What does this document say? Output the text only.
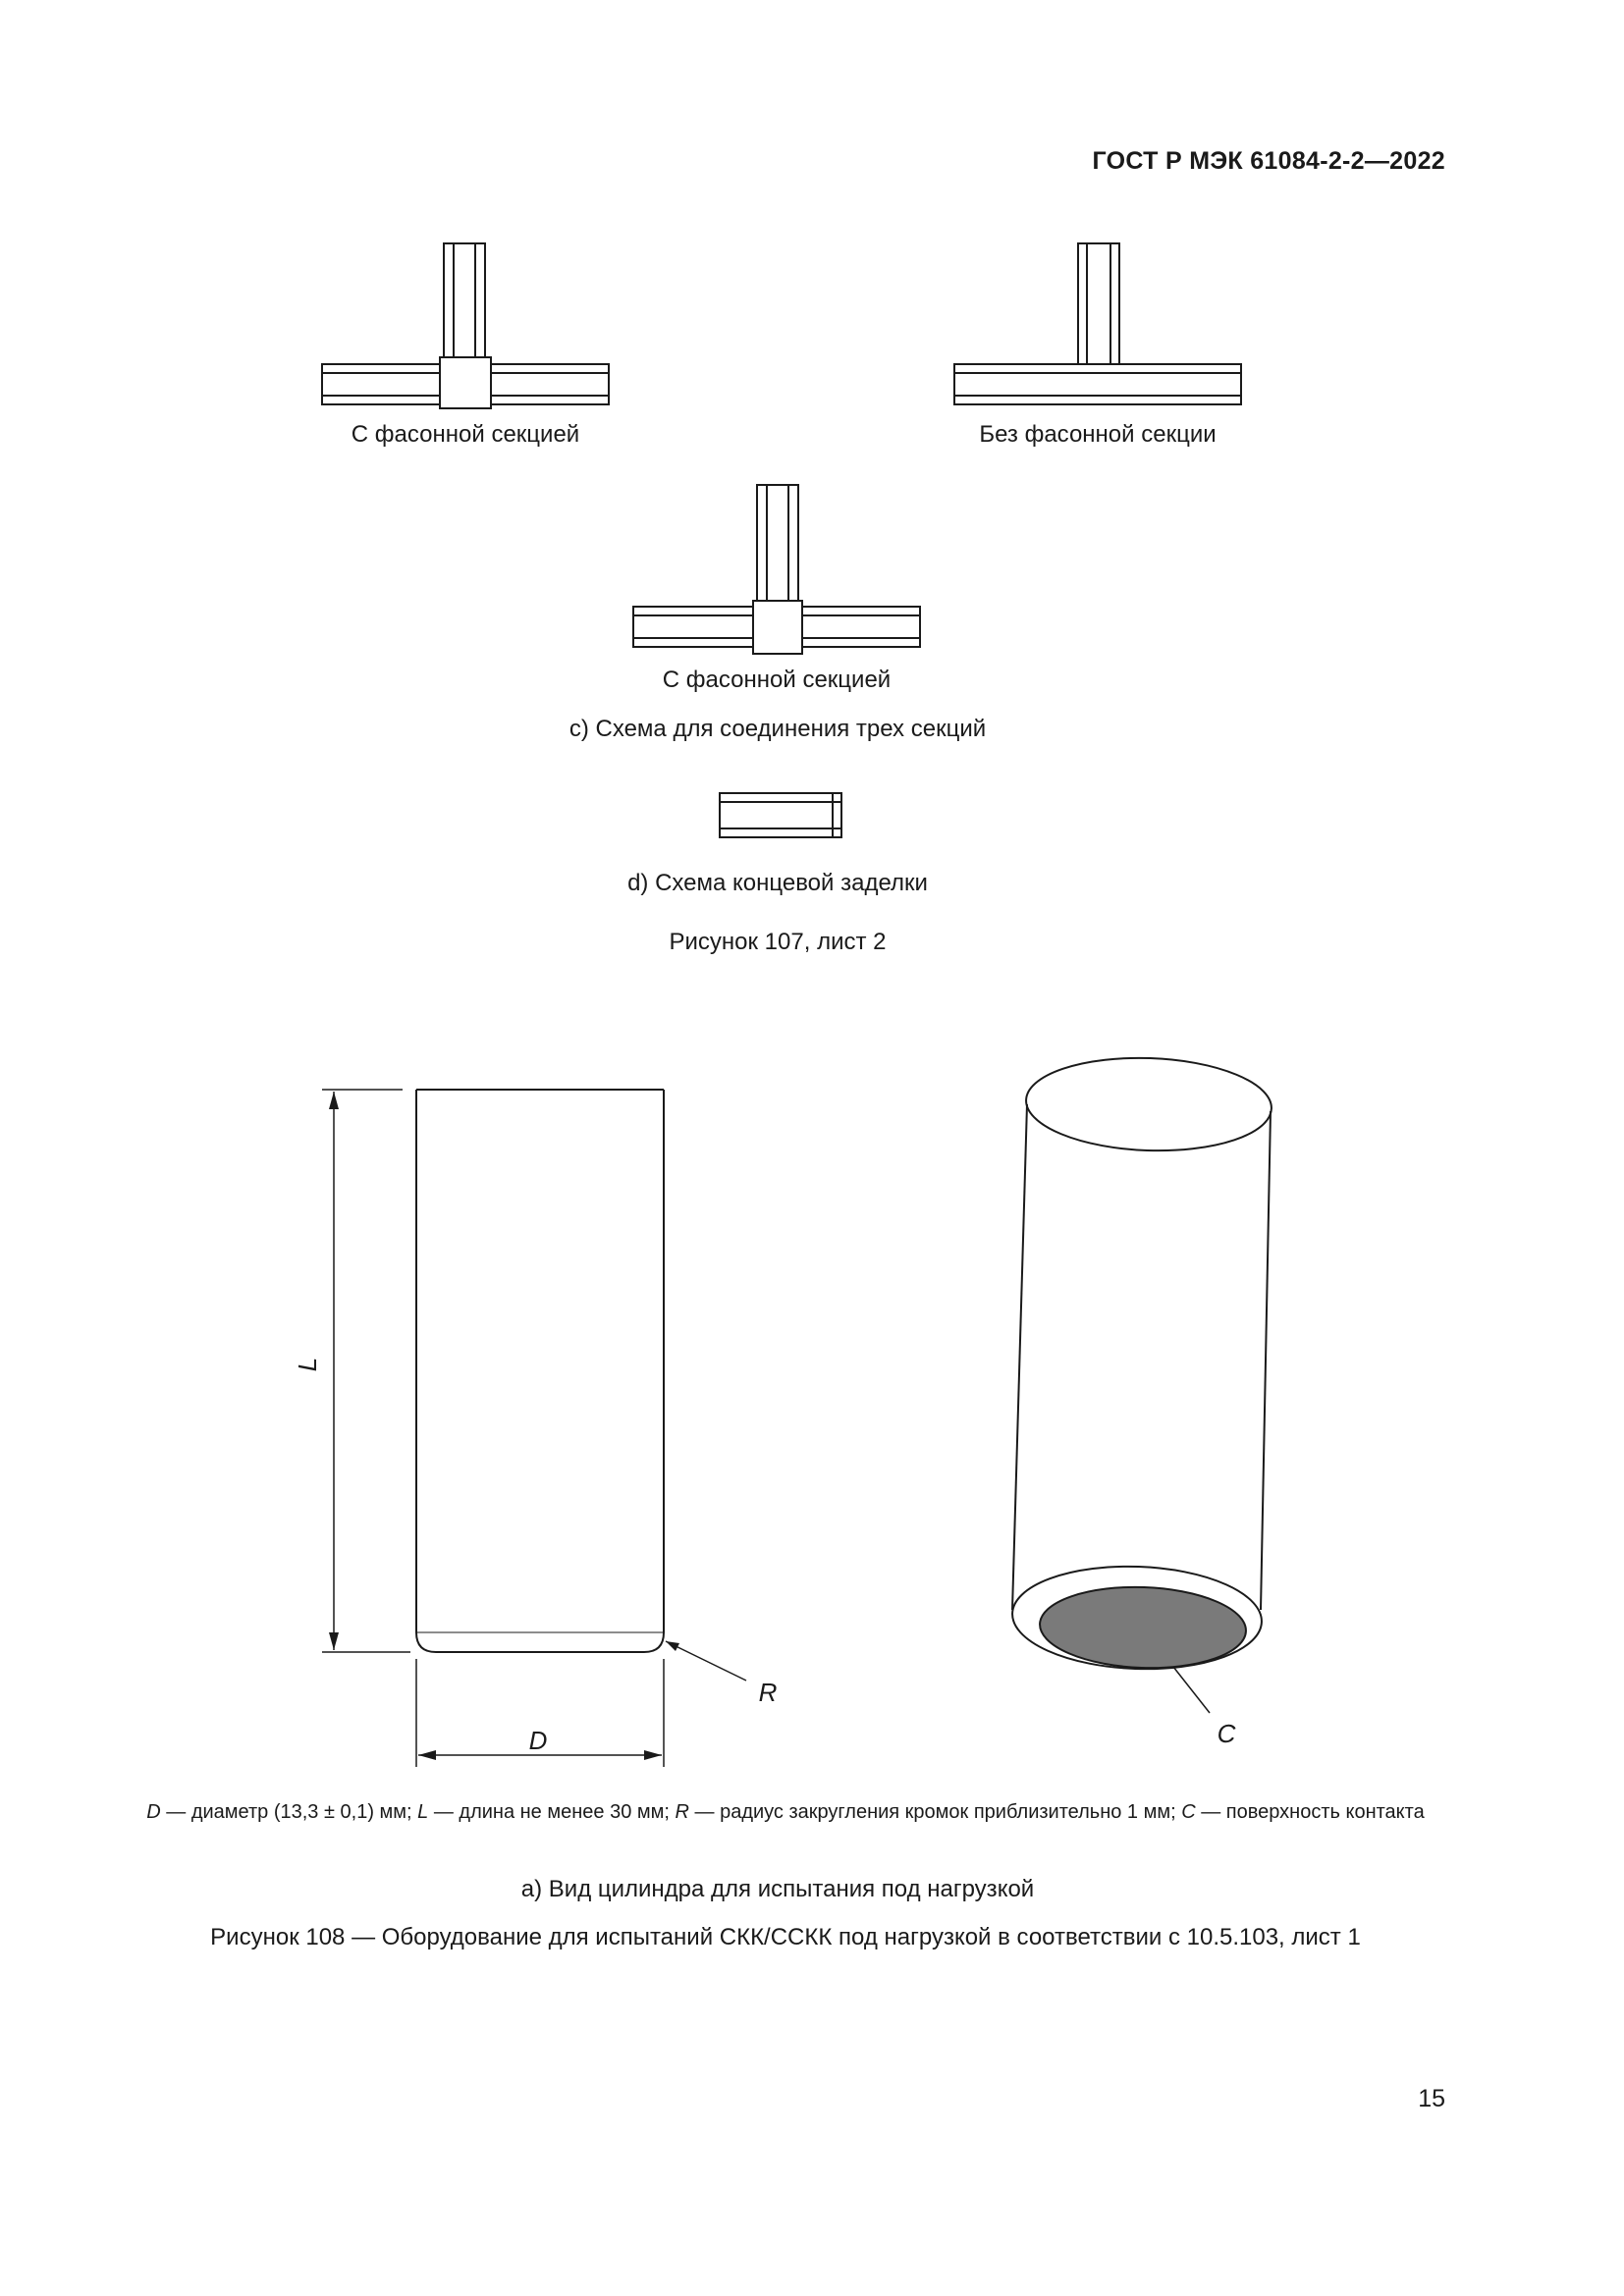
ГОСТ Р МЭК 61084-2-2—2022
L
D
R
C
С фасонной секцией	Без фасонной секции
С фасонной секцией
c) Схема для соединения трех секций
d) Схема концевой заделки
Рисунок 107, лист 2
D — диаметр (13,3 ± 0,1) мм; L — длина не менее 30 мм; R — радиус закругления кромок приблизительно 1 мм; C — поверхность контакта
a) Вид цилиндра для испытания под нагрузкой
Рисунок 108 — Оборудование для испытаний СКК/ССКК под нагрузкой в соответствии с 10.5.103, лист 1
15
